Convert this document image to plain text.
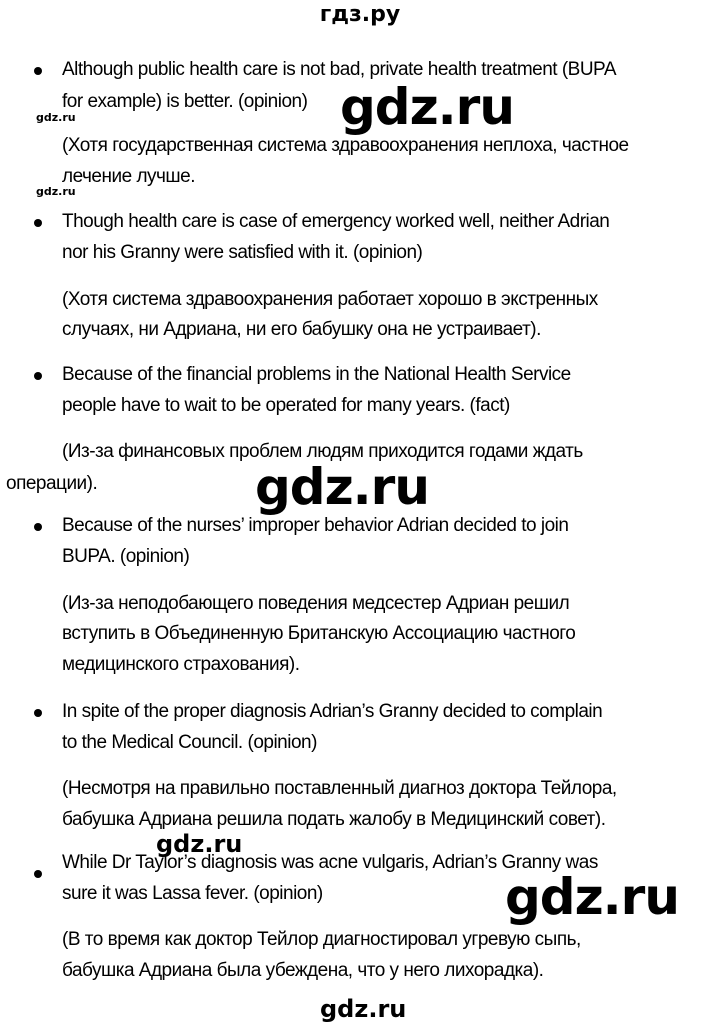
гдз.ру
Although public health care is not bad, private health treatment (BUPA
for example) is better. (opinion)
gdz.ru	gdz.ru
(Хотя государственная система здравоохранения неплоха, частное
лечение лучше.
gdz.ru
Though health care is case of emergency worked well, neither Adrian
nor his Granny were satisfied with it. (opinion)
(Хотя система здравоохранения работает хорошо в экстренных
случаях, ни Адриана, ни его бабушку она не устраивает).
Because of the financial problems in the National Health Service
people have to wait to be operated for many years. (fact)
(Из-за финансовых проблем людям приходится годами ждать
операции).	gdz.ru
Because of the nurses’ improper behavior Adrian decided to join
BUPA. (opinion)
(Из-за неподобающего поведения медсестер Адриан решил
вступить в Объединенную Британскую Ассоциацию частного
медицинского страхования).
In spite of the proper diagnosis Adrian’s Granny decided to complain
to the Medical Council. (opinion)
(Несмотря на правильно поставленный диагноз доктора Тейлора,
бабушка Адриана решила подать жалобу в Медицинский совет).
gdz.ru
While Dr Taylor’s diagnosis was acne vulgaris, Adrian’s Granny was
sure it was Lassa fever. (opinion)	gdz.ru
(В то время как доктор Тейлор диагностировал угревую сыпь,
бабушка Адриана была убеждена, что у него лихорадка).
gdz.ru
